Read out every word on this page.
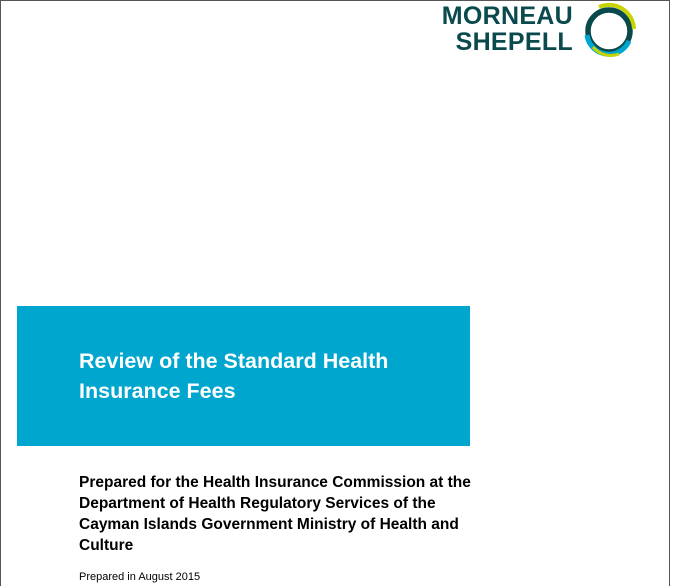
MORNEAU
SHEPELL
Review of the Standard Health Insurance Fees
Prepared for the Health Insurance Commission at the Department of Health Regulatory Services of the Cayman Islands Government Ministry of Health and Culture
Prepared in August 2015
